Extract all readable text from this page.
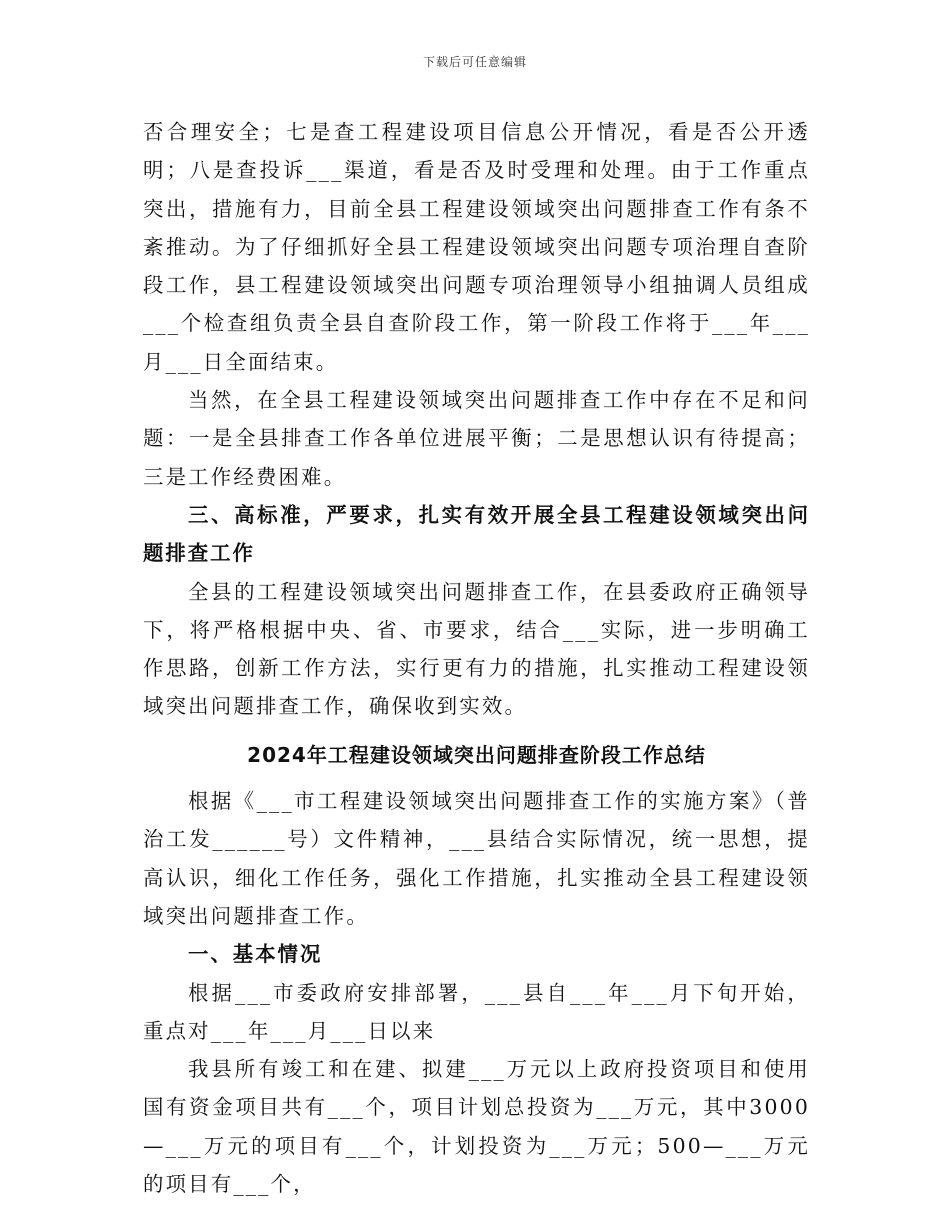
下载后可任意编辑

否合理安全；七是查工程建设项目信息公开情况，看是否公开透明；八是查投诉___渠道，看是否及时受理和处理。由于工作重点突出，措施有力，目前全县工程建设领域突出问题排查工作有条不紊推动。为了仔细抓好全县工程建设领域突出问题专项治理自查阶段工作，县工程建设领域突出问题专项治理领导小组抽调人员组成___个检查组负责全县自查阶段工作，第一阶段工作将于___年___月___日全面结束。

当然，在全县工程建设领域突出问题排查工作中存在不足和问题：一是全县排查工作各单位进展平衡；二是思想认识有待提高；三是工作经费困难。

三、高标准，严要求，扎实有效开展全县工程建设领域突出问题排查工作

全县的工程建设领域突出问题排查工作，在县委政府正确领导下，将严格根据中央、省、市要求，结合___实际，进一步明确工作思路，创新工作方法，实行更有力的措施，扎实推动工程建设领域突出问题排查工作，确保收到实效。

2024年工程建设领域突出问题排查阶段工作总结

根据《___市工程建设领域突出问题排查工作的实施方案》（普治工发______号）文件精神，___县结合实际情况，统一思想，提高认识，细化工作任务，强化工作措施，扎实推动全县工程建设领域突出问题排查工作。

一、基本情况

根据___市委政府安排部署，___县自___年___月下旬开始，重点对___年___月___日以来

我县所有竣工和在建、拟建___万元以上政府投资项目和使用国有资金项目共有___个，项目计划总投资为___万元，其中3000—___万元的项目有___个，计划投资为___万元；500—___万元的项目有___个，
